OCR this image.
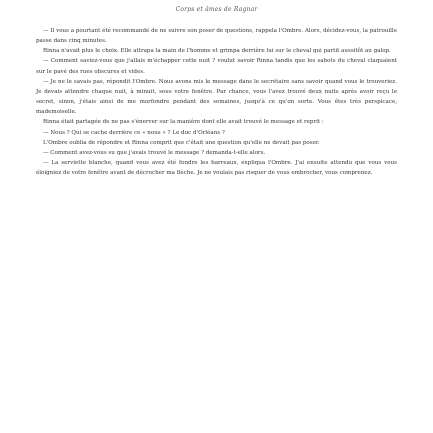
Corps et âmes de Ragnar

— Il vous a pourtant été recommandé de ne suivre son poser de questions, rappela l'Ombre. Alors, décidez-vous, la patrouille passe dans cinq minutes.

Rinna n'avait plus le choix. Elle attrapa la main de l'homme et grimpa derrière lui sur le cheval qui partit aussitôt au galop.

— Comment saviez-vous que j'allais m'échapper cette nuit ? voulut savoir Rinna tandis que les sabots du cheval claquaient sur le pavé des rues obscures et vides.

— Je ne le savais pas, répondit l'Ombre. Nous avons mis le message dans le secrétaire sans savoir quand vous le trouveriez. Je devais attendre chaque nuit, à minuit, sous votre fenêtre. Par chance, vous l'avez trouvé deux nuits après avoir reçu le secret, sinon, j'étais ainsi de me morfondre pendant des semaines, jusqu'à ce qu'on sorte. Vous êtes très perspicace, mademoiselle.

Rinna était partagée de ne pas s'énerver sur la manière dont elle avait trouvé le message et reprit :

— Nous ? Qui se cache derrière ce « nous » ? Le duc d'Orléans ?

L'Ombre oublia de répondre et Rinna comprit que c'était une question qu'elle ne devait pas poser.

— Comment avez-vous su que j'avais trouvé le message ? demanda-t-elle alors.

— La serviette blanche, quand vous avez été fondre les barreaux, expliqua l'Ombre. J'ai ensuite attendu que vous vous éloigniez de votre fenêtre avant de décrocher ma flèche. Je ne voulais pas risquer de vous embrocher, vous comprenez.
